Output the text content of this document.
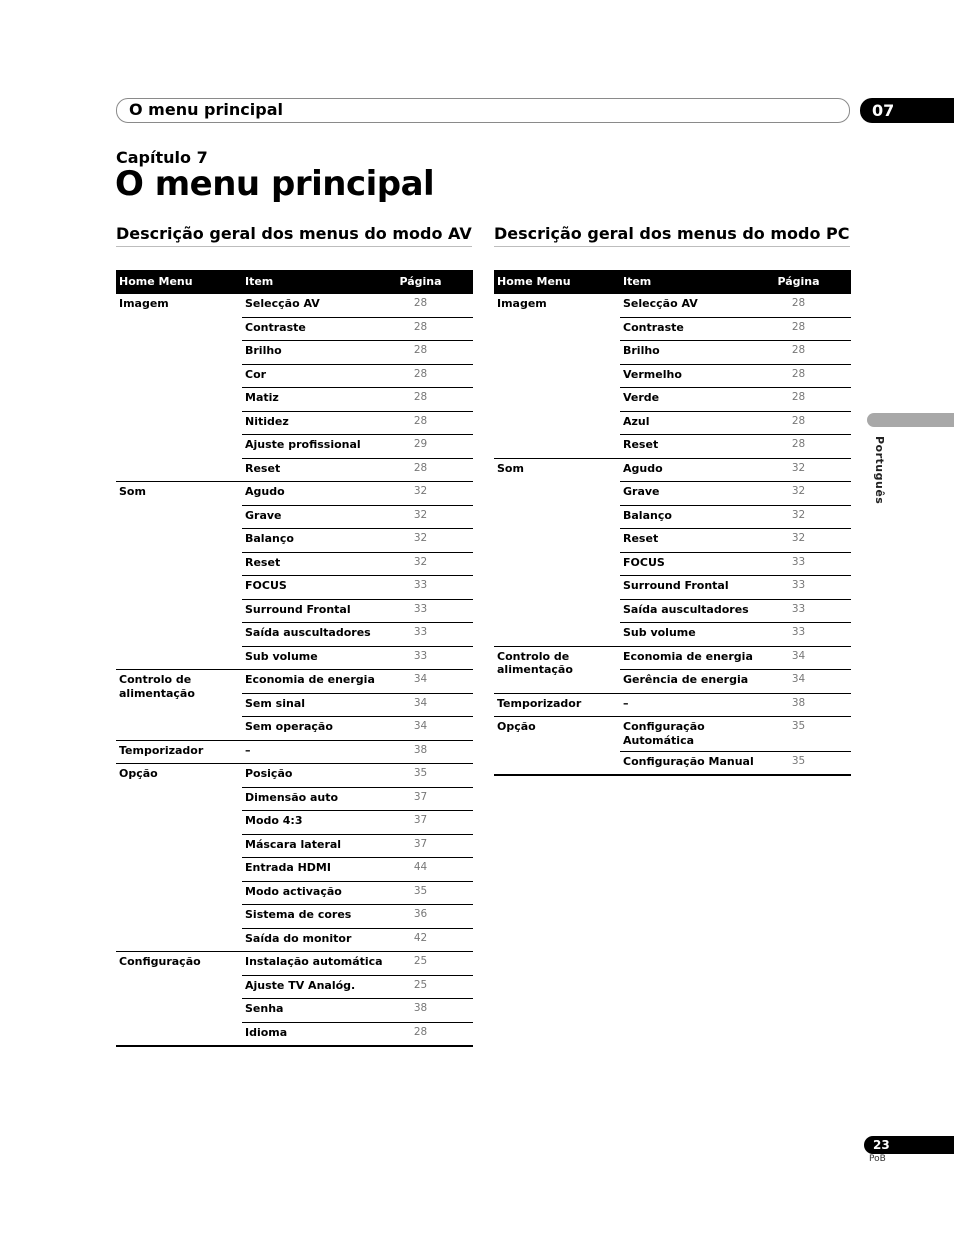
O menu principal	07
Capítulo 7
O menu principal
Descrição geral dos menus do modo AV Descrição geral dos menus do modo PC
Home Menu	Item	Página
Imagem	Selecção AV	28
	Contraste	28
	Brilho	28
	Cor	28
	Matiz	28
	Nitidez	28
	Ajuste profissional	29
	Reset	28
Som	Agudo	32
	Grave	32
	Balanço	32
	Reset	32
	FOCUS	33
	Surround Frontal	33
	Saída auscultadores	33
	Sub volume	33
Controlo de alimentação	Economia de energia	34
	Sem sinal	34
	Sem operação	34
Temporizador	–	38
Opção	Posição	35
	Dimensão auto	37
	Modo 4:3	37
	Máscara lateral	37
	Entrada HDMI	44
	Modo activação	35
	Sistema de cores	36
	Saída do monitor	42
Configuração	Instalação automática	25
	Ajuste TV Analóg.	25
	Senha	38
	Idioma	28
Home Menu	Item	Página
Imagem	Selecção AV	28
	Contraste	28
	Brilho	28
	Vermelho	28
	Verde	28
	Azul	28
	Reset	28
Som	Agudo	32
	Grave	32
	Balanço	32
	Reset	32
	FOCUS	33
	Surround Frontal	33
	Saída auscultadores	33
	Sub volume	33
Controlo de alimentação	Economia de energia	34
	Gerência de energia	34
Temporizador	–	38
Opção	Configuração Automática	35
	Configuração Manual	35
Português
23
PoB
